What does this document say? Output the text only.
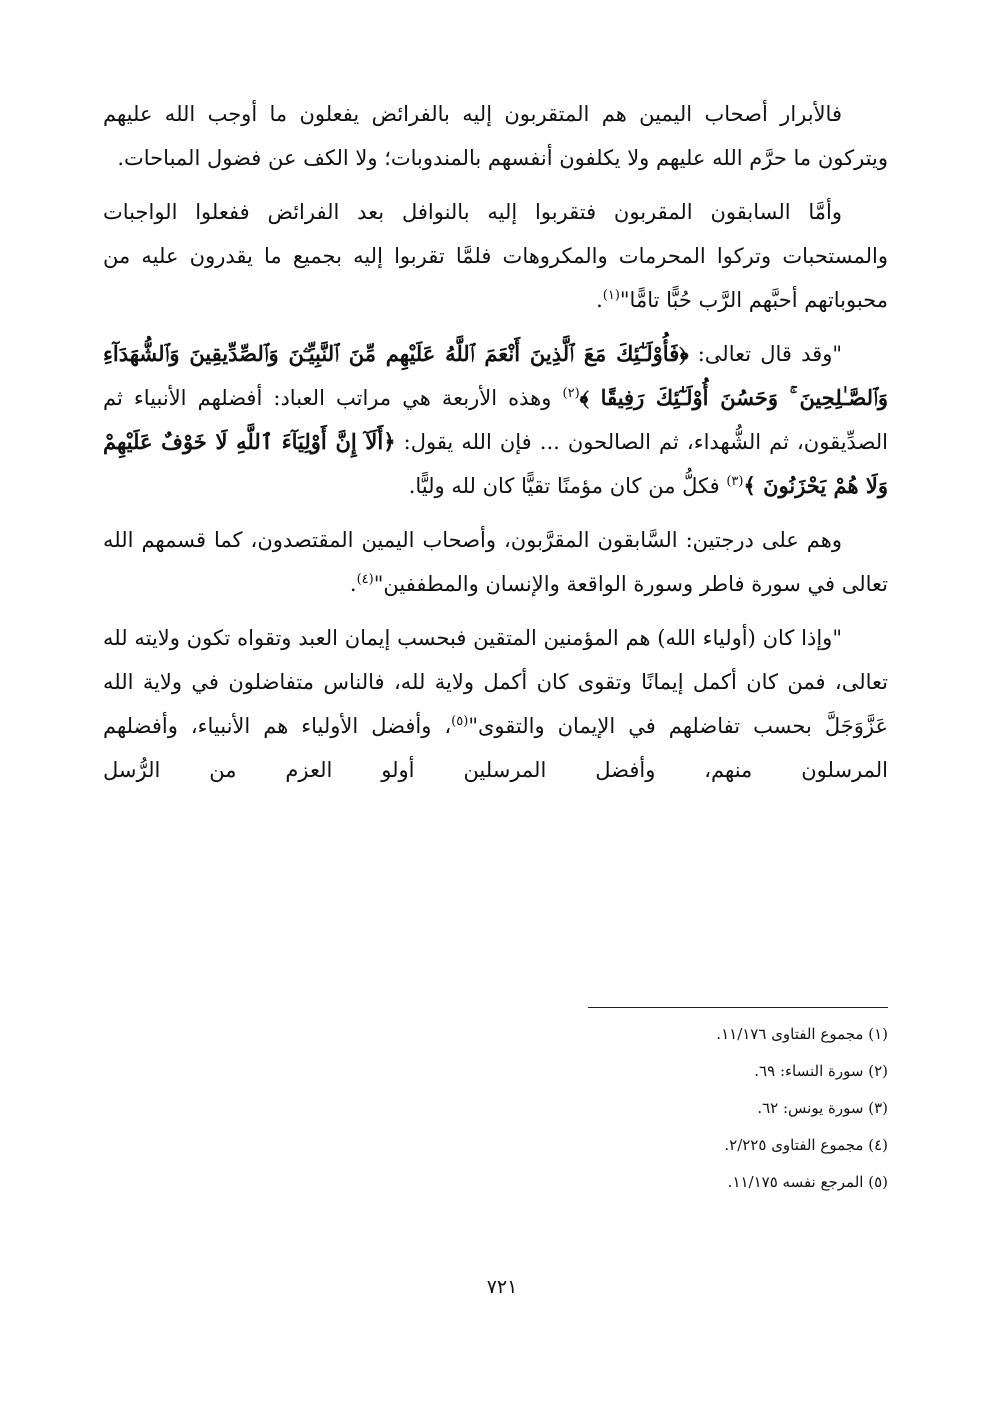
فالأبرار أصحاب اليمين هم المتقربون إليه بالفرائض يفعلون ما أوجب الله عليهم ويتركون ما حرَّم الله عليهم ولا يكلفون أنفسهم بالمندوبات؛ ولا الكف عن فضول المباحات.

وأمَّا السابقون المقربون فتقربوا إليه بالنوافل بعد الفرائض ففعلوا الواجبات والمستحبات وتركوا المحرمات والمكروهات فلمَّا تقربوا إليه بجميع ما يقدرون عليه من محبوباتهم أحبَّهم الرَّب حُبًّا تامًّا"$^{(١)}$.

"وقد قال تعالى: ﴿فَأُوْلَـٰٓئِكَ مَعَ ٱلَّذِينَ أَنْعَمَ ٱللَّهُ عَلَيْهِم مِّنَ ٱلنَّبِيِّـۧنَ وَٱلصِّدِّيقِينَ وَٱلشُّهَدَآءِ وَٱلصَّـٰلِحِينَ ۚ وَحَسُنَ أُوْلَـٰٓئِكَ رَفِيقًا ﴾$^{(٢)}$ وهذه الأربعة هي مراتب العباد: أفضلهم الأنبياء ثم الصدِّيقون، ثم الشُّهداء، ثم الصالحون ... فإن الله يقول: ﴿أَلَآ إِنَّ أَوْلِيَآءَ ٱللَّهِ لَا خَوْفٌ عَلَيْهِمْ وَلَا هُمْ يَحْزَنُونَ ﴾$^{(٣)}$ فكلُّ من كان مؤمنًا تقيًّا كان لله وليًّا.

وهم على درجتين: السَّابقون المقرَّبون، وأصحاب اليمين المقتصدون، كما قسمهم الله تعالى في سورة فاطر وسورة الواقعة والإنسان والمطففين"$^{(٤)}$.

"وإذا كان (أولياء الله) هم المؤمنين المتقين فبحسب إيمان العبد وتقواه تكون ولايته لله تعالى، فمن كان أكمل إيمانًا وتقوى كان أكمل ولاية لله، فالناس متفاضلون في ولاية الله عَزَّوَجَلَّ بحسب تفاضلهم في الإيمان والتقوى"$^{(٥)}$، وأفضل الأولياء هم الأنبياء، وأفضلهم المرسلون منهم، وأفضل المرسلين أولو العزم من الرُّسل

(١) مجموع الفتاوى ١١/١٧٦.
(٢) سورة النساء: ٦٩.
(٣) سورة يونس: ٦٢.
(٤) مجموع الفتاوى ٢/٢٢٥.
(٥) المرجع نفسه ١١/١٧٥.
٧٢١
